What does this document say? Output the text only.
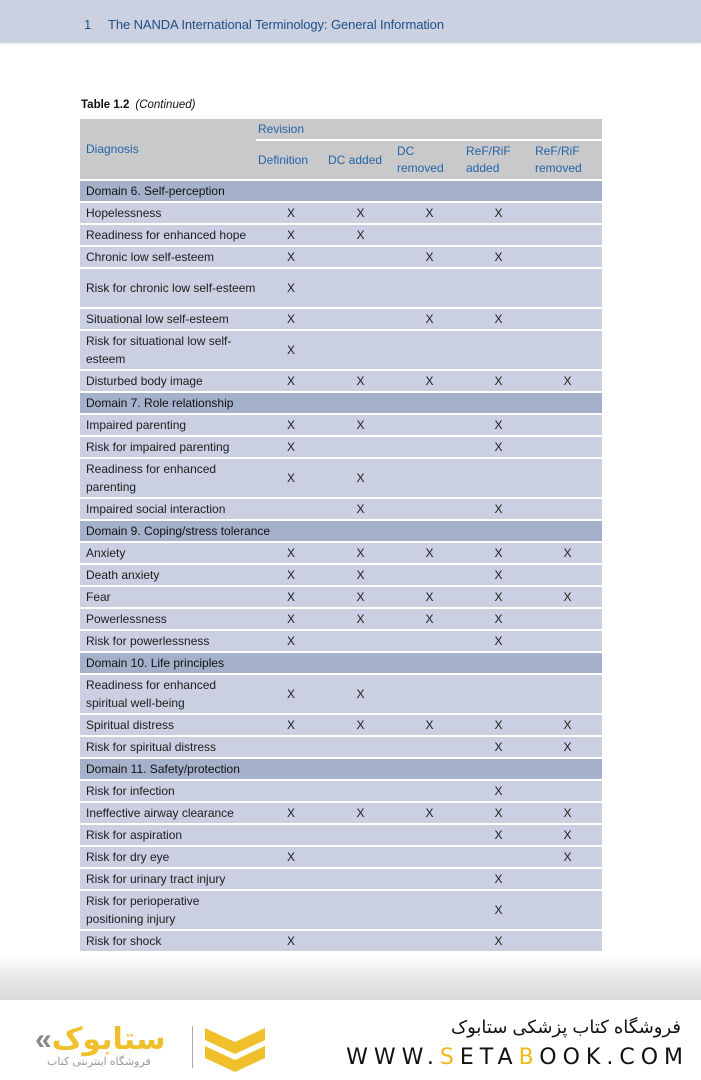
1 The NANDA International Terminology: General Information
Table 1.2 (Continued)
Diagnosis	Revision				
	Definition	DC added	DC removed	ReF/RiF added	ReF/RiF removed
Domain 6. Self-perception					
Hopelessness	X	X	X	X	
Readiness for enhanced hope	X	X			
Chronic low self-esteem	X		X	X	
Risk for chronic low self-esteem	X				
Situational low self-esteem	X		X	X	
Risk for situational low self-esteem	X				
Disturbed body image	X	X	X	X	X
Domain 7. Role relationship					
Impaired parenting	X	X		X	
Risk for impaired parenting	X			X	
Readiness for enhanced parenting	X	X			
Impaired social interaction		X		X	
Domain 9. Coping/stress tolerance					
Anxiety	X	X	X	X	X
Death anxiety	X	X		X	
Fear	X	X	X	X	X
Powerlessness	X	X	X	X	
Risk for powerlessness	X			X	
Domain 10. Life principles					
Readiness for enhanced spiritual well-being	X	X			
Spiritual distress	X	X	X	X	X
Risk for spiritual distress				X	X
Domain 11. Safety/protection					
Risk for infection				X	
Ineffective airway clearance	X	X	X	X	X
Risk for aspiration				X	X
Risk for dry eye	X				X
Risk for urinary tract injury				X	
Risk for perioperative positioning injury				X	
Risk for shock	X			X	
«ستابوک
فروشگاه اینترنتی کتاب
فروشگاه کتاب پزشکی ستابوک
WWW.SETABOOK.COM
